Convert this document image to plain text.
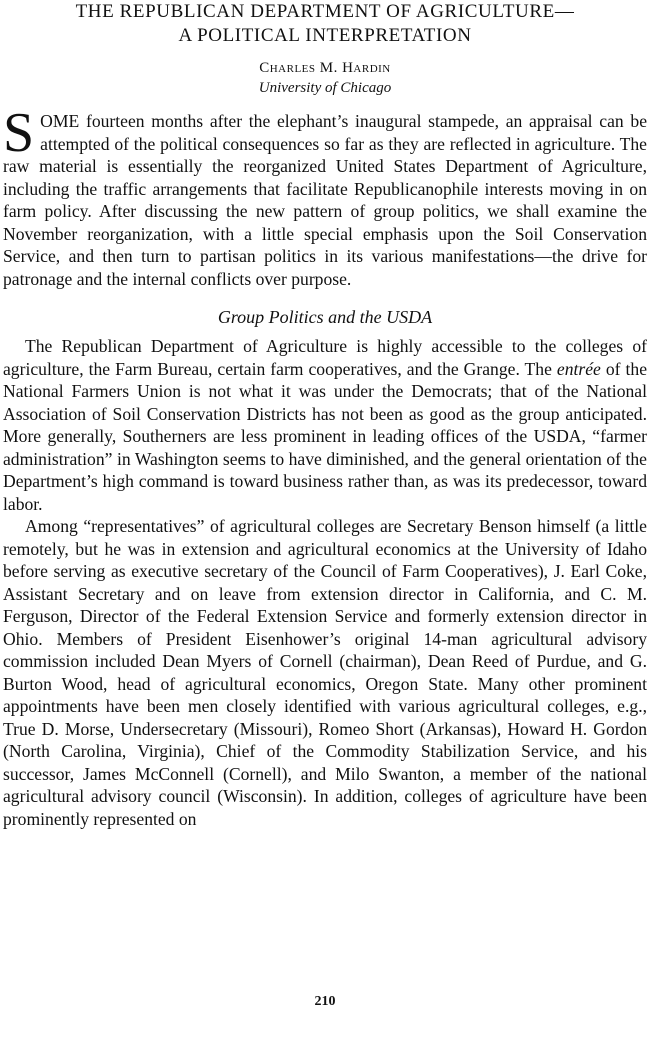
THE REPUBLICAN DEPARTMENT OF AGRICULTURE—
A POLITICAL INTERPRETATION
Charles M. Hardin
University of Chicago

S OME fourteen months after the elephant’s inaugural stampede, an appraisal can be attempted of the political consequences so far as they are reflected in agriculture. The raw material is essentially the reorganized United States Department of Agriculture, including the traffic arrangements that facilitate Republicanophile interests moving in on farm policy. After discussing the new pattern of group politics, we shall examine the November reorganization, with a little special emphasis upon the Soil Conservation Service, and then turn to partisan politics in its various manifestations—the drive for patronage and the internal conflicts over purpose.

Group Politics and the USDA

The Republican Department of Agriculture is highly accessible to the colleges of agriculture, the Farm Bureau, certain farm cooperatives, and the Grange. The entrée of the National Farmers Union is not what it was under the Democrats; that of the National Association of Soil Conservation Districts has not been as good as the group anticipated. More generally, Southerners are less prominent in leading offices of the USDA, “farmer administration” in Washington seems to have diminished, and the general orientation of the Department’s high command is toward business rather than, as was its predecessor, toward labor.

Among “representatives” of agricultural colleges are Secretary Benson himself (a little remotely, but he was in extension and agricultural economics at the University of Idaho before serving as executive secretary of the Council of Farm Cooperatives), J. Earl Coke, Assistant Secretary and on leave from extension director in California, and C. M. Ferguson, Director of the Federal Extension Service and formerly extension director in Ohio. Members of President Eisenhower’s original 14-man agricultural advisory commission included Dean Myers of Cornell (chairman), Dean Reed of Purdue, and G. Burton Wood, head of agricultural economics, Oregon State. Many other prominent appointments have been men closely identified with various agricultural colleges, e.g., True D. Morse, Undersecretary (Missouri), Romeo Short (Arkansas), Howard H. Gordon (North Carolina, Virginia), Chief of the Commodity Stabilization Service, and his successor, James McConnell (Cornell), and Milo Swanton, a member of the national agricultural advisory council (Wisconsin). In addition, colleges of agriculture have been prominently represented on

210
